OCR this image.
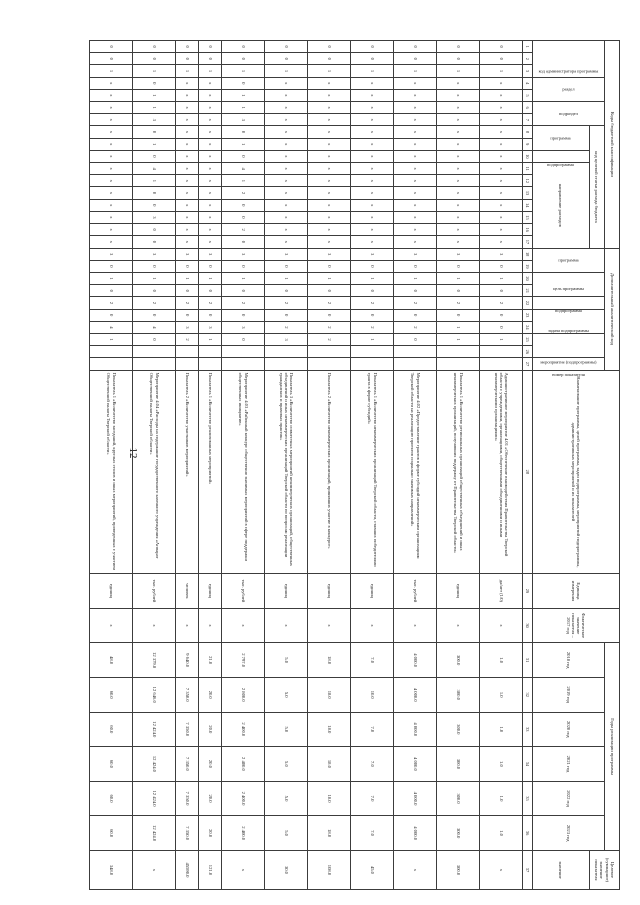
12
Коды бюджетной классификации																	Дополнительный аналитический код										Наименование программы, целей программы, задач подпрограммы, мероприятий подпрограммы, административных мероприятий и их показателей	Единица измерения	Фактическое значение показателя – 2017 год	Годы реализации программы						Целевое (суммарное) значение показателя
код администратора программы			раздел		подраздел		код целевой статьи расхода бюджета										программа		цель программы		подпрограмма	задача подпрограммы		мероприятие (подпрограммы)		номер показателя				2018 год	2019 год	2020 год	2021 год	2022 год	2023 год	
							программа		подпрограмма	направление расходов																										значение
1	2	3	4	5	6	7	8	9	10	11	12	13	14	15	16	17	18	19	20	21	22	23	24	25	26	27	28	29	30	31	32	33	34	35	36	37
0	0	1	x	x	x	x	x	x	x	x	x	x	x	x	x	x	3	0	1	0	2	0	0	1			Административное мероприятие 4.01 «Обеспечение взаимодействия Правительства Тверской области с учреждениями, организациями, общественными объединениями и иными некоммерческими организациями»	да/нет (1/0)	x	1.0	1.0	1.0	1.0	1.0	1.0	x
0	0	1	x	x	x	x	x	x	x	x	x	x	x	x	x	x	3	0	1	0	2	0	1	1			Показатель 1 «Количество региональных организаций общественных объединений и иных некоммерческих организаций, получивших поддержку от Правительства Тверской области»	единиц	x	300.0	300.0	300.0	300.0	300.0	300.0	300.0
0	0	1	x	x	x	x	x	x	x	x	x	x	x	x	x	x	3	0	1	0	2	0	2	0			Мероприятие 4.02 «Предоставление грантов в форме субсидий некоммерческим организациям Тверской области на реализацию проектов социально значимых направлений»	тыс. рублей	x	4 000.0	4 000.0	4 000.0	4 000.0	4 000.0	4 000.0	x
0	0	1	x	x	x	x	x	x	x	x	x	x	x	x	x	x	3	0	1	0	2	0	2	1			Показатель 1 «Количество некоммерческих организаций Тверской области, ставших победителями гранта в форме субсидий»	единиц	x	7.0	10.0	7.0	7.0	7.0	7.0	45.0
0	0	1	x	x	x	x	x	x	x	x	x	x	x	x	x	x	3	0	1	0	2	0	2	2			Показатель 2 «Количество некоммерческих организаций, принявших участие в конкурсе»	единиц	x	18.0	18.0	18.0	18.0	18.0	18.0	108.0
0	0	1	x	x	x	x	x	x	x	x	x	x	x	x	x	x	3	0	1	0	2	0	2	3			Показатель 3 «Количество совместных мероприятий некоммерческих организаций, общественных объединений и иных некоммерческих организаций Тверской области по вопросам реализации гражданских и правовых практик»	единиц	x	5.0	5.0	5.0	5.0	5.0	5.0	30.0
0	0	1	0	1	1	3	0	1	0	4	1	2	0	0	2	0	3	0	1	0	2	0	3	0			Мероприятие 4.03 «Районный конкурс общественно значимых мероприятий в сфере поддержки общественных инициатив»	тыс. рублей	x	2 797.0	2 800.0	2 400.0	2 400.0	2 400.0	2 400.0	x
0	0	1	x	x	x	x	x	x	x	x	x	x	x	x	x	x	3	0	1	0	2	0	3	1			Показатель 1 «Количество реализованных мероприятий»	единиц	x	21.0	20.0	20.0	20.0	20.0	20.0	121.0
0	0	1	x	x	x	x	x	x	x	x	x	x	x	x	x	x	3	0	1	0	2	0	3	2			Показатель 2 «Количество участников мероприятий»	человек	x	9 640.0	7 350.0	7 350.0	7 350.0	7 350.0	7 350.0	45590.0
0	0	1	0	1	1	3	0	1	0	4	1	0	0	3	0	0	3	0	1	0	2	0	4	0			Мероприятие 4.04 «Расходы на содержание государственного казенного учреждения «Аппарат Общественной палаты Тверской области»	тыс. рублей	x	12 379.8	12 646.0	12 424.0	12 424.0	12 424.0	12 424.0	x
0	0	1	x	x	x	x	x	x	x	x	x	x	x	x	x	x	3	0	1	0	2	0	4	1			Показатель 1 «Количество заседаний, круглых столов и иных мероприятий, проведенных с участием Общественной палаты Тверской области»	единиц	x	48.0	60.0	60.0	60.0	60.0	60.0	348.0
